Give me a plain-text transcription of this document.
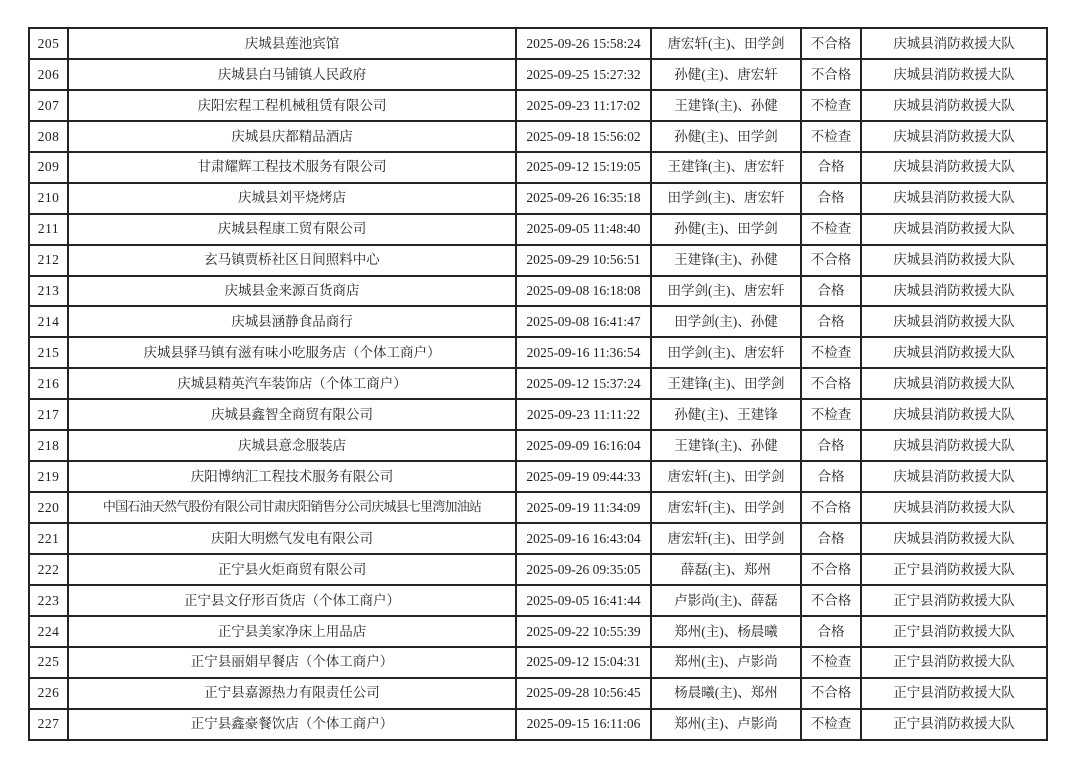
205	庆城县莲池宾馆	2025-09-26 15:58:24	唐宏轩(主)、田学剑	不合格	庆城县消防救援大队
206	庆城县白马铺镇人民政府	2025-09-25 15:27:32	孙健(主)、唐宏轩	不合格	庆城县消防救援大队
207	庆阳宏程工程机械租赁有限公司	2025-09-23 11:17:02	王建锋(主)、孙健	不检查	庆城县消防救援大队
208	庆城县庆都精品酒店	2025-09-18 15:56:02	孙健(主)、田学剑	不检查	庆城县消防救援大队
209	甘肃耀辉工程技术服务有限公司	2025-09-12 15:19:05	王建锋(主)、唐宏轩	合格	庆城县消防救援大队
210	庆城县刘平烧烤店	2025-09-26 16:35:18	田学剑(主)、唐宏轩	合格	庆城县消防救援大队
211	庆城县程康工贸有限公司	2025-09-05 11:48:40	孙健(主)、田学剑	不检查	庆城县消防救援大队
212	玄马镇贾桥社区日间照料中心	2025-09-29 10:56:51	王建锋(主)、孙健	不合格	庆城县消防救援大队
213	庆城县金来源百货商店	2025-09-08 16:18:08	田学剑(主)、唐宏轩	合格	庆城县消防救援大队
214	庆城县涵静食品商行	2025-09-08 16:41:47	田学剑(主)、孙健	合格	庆城县消防救援大队
215	庆城县驿马镇有滋有味小吃服务店（个体工商户）	2025-09-16 11:36:54	田学剑(主)、唐宏轩	不检查	庆城县消防救援大队
216	庆城县精英汽车装饰店（个体工商户）	2025-09-12 15:37:24	王建锋(主)、田学剑	不合格	庆城县消防救援大队
217	庆城县鑫智全商贸有限公司	2025-09-23 11:11:22	孙健(主)、王建锋	不检查	庆城县消防救援大队
218	庆城县意念服装店	2025-09-09 16:16:04	王建锋(主)、孙健	合格	庆城县消防救援大队
219	庆阳博纳汇工程技术服务有限公司	2025-09-19 09:44:33	唐宏轩(主)、田学剑	合格	庆城县消防救援大队
220	中国石油天然气股份有限公司甘肃庆阳销售分公司庆城县七里湾加油站	2025-09-19 11:34:09	唐宏轩(主)、田学剑	不合格	庆城县消防救援大队
221	庆阳大明燃气发电有限公司	2025-09-16 16:43:04	唐宏轩(主)、田学剑	合格	庆城县消防救援大队
222	正宁县火炬商贸有限公司	2025-09-26 09:35:05	薛磊(主)、郑州	不合格	正宁县消防救援大队
223	正宁县文仔形百货店（个体工商户）	2025-09-05 16:41:44	卢影尚(主)、薛磊	不合格	正宁县消防救援大队
224	正宁县美家净床上用品店	2025-09-22 10:55:39	郑州(主)、杨晨曦	合格	正宁县消防救援大队
225	正宁县丽娟早餐店（个体工商户）	2025-09-12 15:04:31	郑州(主)、卢影尚	不检查	正宁县消防救援大队
226	正宁县嘉源热力有限责任公司	2025-09-28 10:56:45	杨晨曦(主)、郑州	不合格	正宁县消防救援大队
227	正宁县鑫豪餐饮店（个体工商户）	2025-09-15 16:11:06	郑州(主)、卢影尚	不检查	正宁县消防救援大队
